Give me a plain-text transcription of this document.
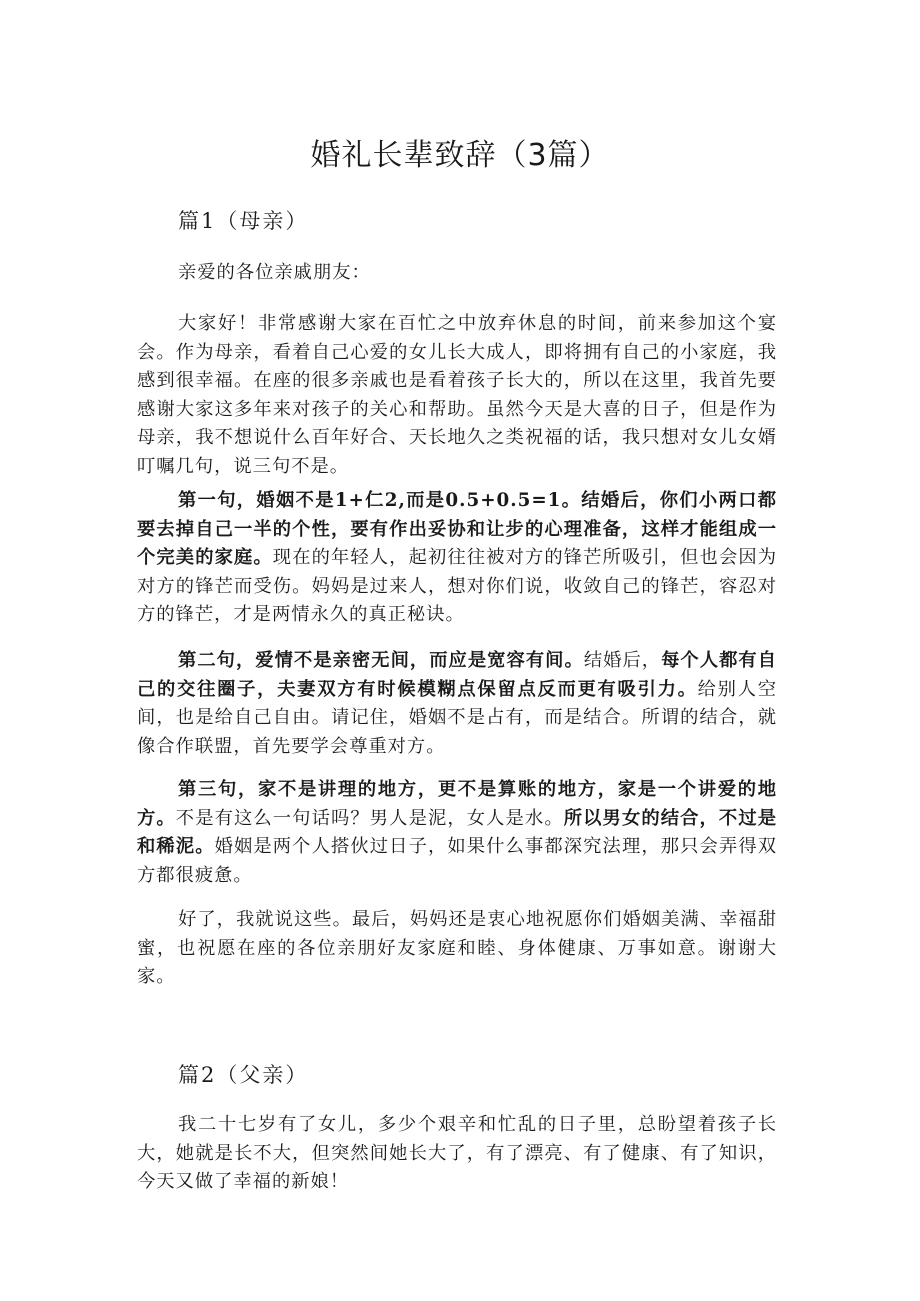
婚礼长辈致辞（3篇）
篇1（母亲）

亲爱的各位亲戚朋友：

大家好！非常感谢大家在百忙之中放弃休息的时间，前来参加这个宴会。作为母亲，看着自己心爱的女儿长大成人，即将拥有自己的小家庭，我感到很幸福。在座的很多亲戚也是看着孩子长大的，所以在这里，我首先要感谢大家这多年来对孩子的关心和帮助。虽然今天是大喜的日子，但是作为母亲，我不想说什么百年好合、天长地久之类祝福的话，我只想对女儿女婿叮嘱几句，说三句不是。

第一句，婚姻不是1+仁2,而是0.5+0.5=1。结婚后，你们小两口都要去掉自己一半的个性，要有作出妥协和让步的心理准备，这样才能组成一个完美的家庭。现在的年轻人，起初往往被对方的锋芒所吸引，但也会因为对方的锋芒而受伤。妈妈是过来人，想对你们说，收敛自己的锋芒，容忍对方的锋芒，才是两情永久的真正秘诀。

第二句，爱情不是亲密无间，而应是宽容有间。结婚后，每个人都有自己的交往圈子，夫妻双方有时候模糊点保留点反而更有吸引力。给别人空间，也是给自己自由。请记住，婚姻不是占有，而是结合。所谓的结合，就像合作联盟，首先要学会尊重对方。

第三句，家不是讲理的地方，更不是算账的地方，家是一个讲爱的地方。不是有这么一句话吗？男人是泥，女人是水。所以男女的结合，不过是和稀泥。婚姻是两个人搭伙过日子，如果什么事都深究法理，那只会弄得双方都很疲惫。

好了，我就说这些。最后，妈妈还是衷心地祝愿你们婚姻美满、幸福甜蜜，也祝愿在座的各位亲朋好友家庭和睦、身体健康、万事如意。谢谢大家。

篇2（父亲）

我二十七岁有了女儿，多少个艰辛和忙乱的日子里，总盼望着孩子长大，她就是长不大，但突然间她长大了，有了漂亮、有了健康、有了知识，今天又做了幸福的新娘！
